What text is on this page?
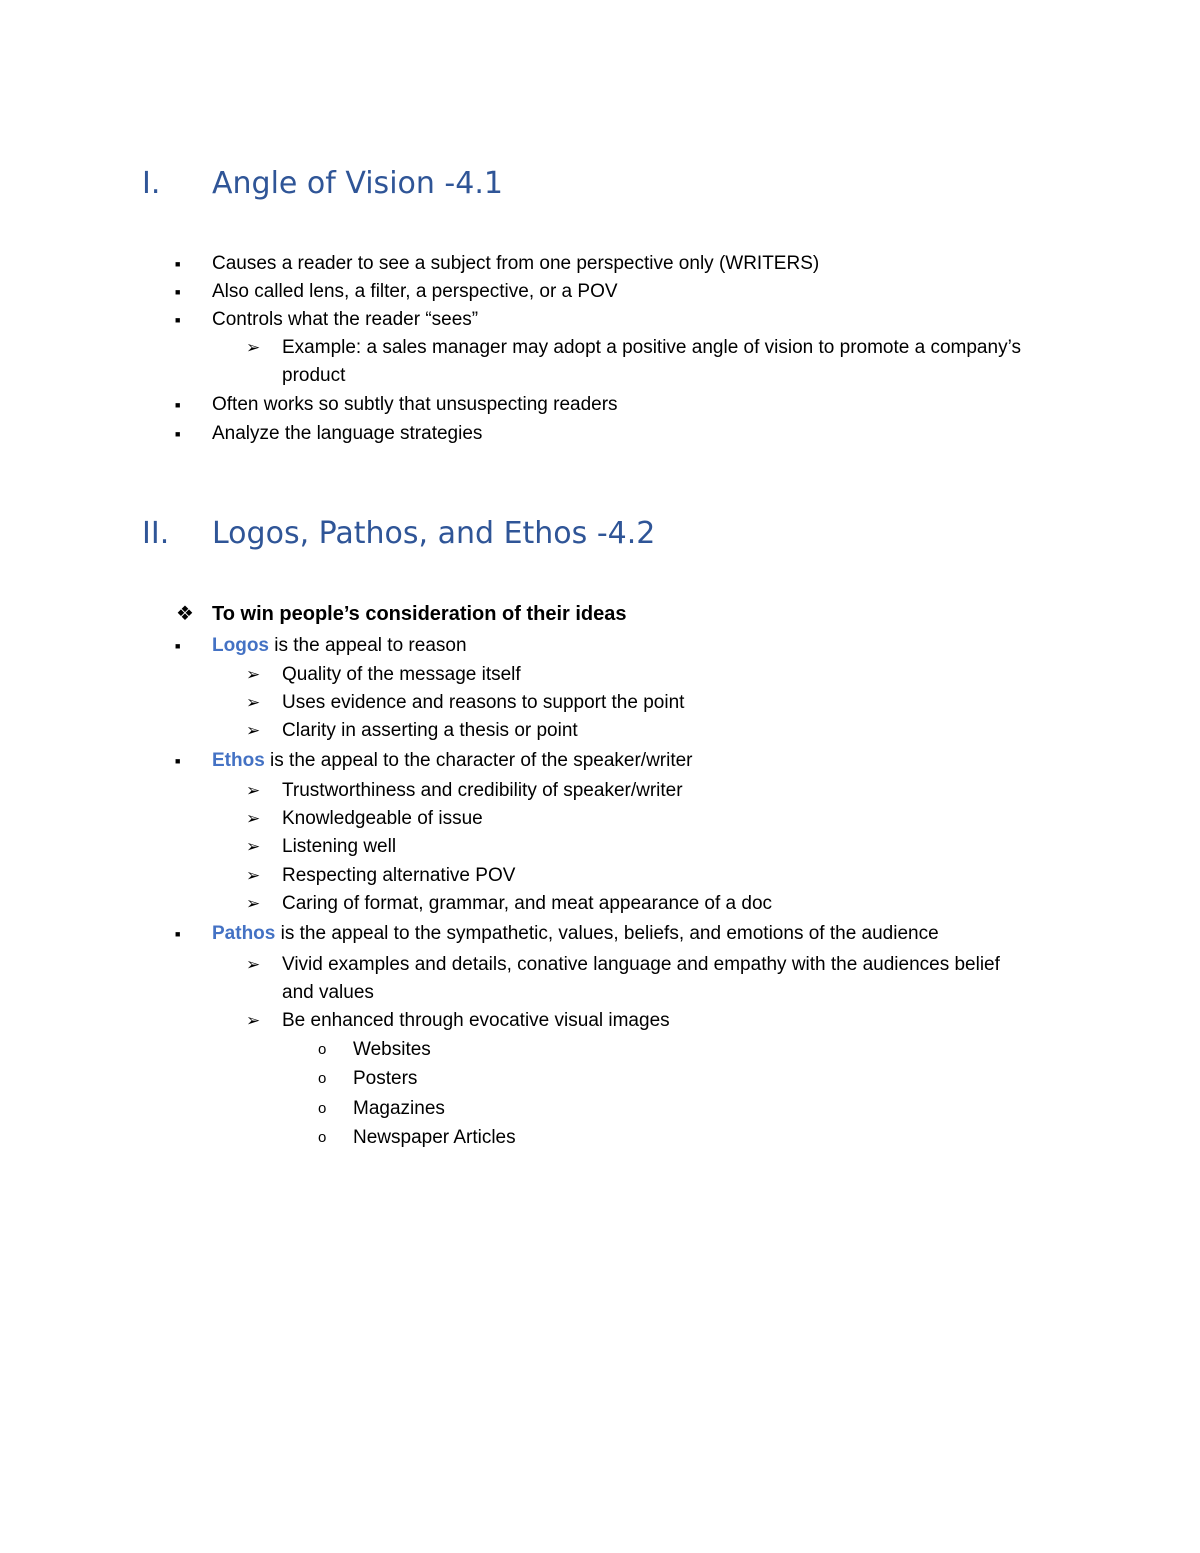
I. Angle of Vision -4.1
■ Causes a reader to see a subject from one perspective only (WRITERS)
■ Also called lens, a filter, a perspective, or a POV
■ Controls what the reader “sees”
➢ Example: a sales manager may adopt a positive angle of vision to promote a company’s
product
■ Often works so subtly that unsuspecting readers
■ Analyze the language strategies
II. Logos, Pathos, and Ethos -4.2
❖ To win people’s consideration of their ideas
■ Logos is the appeal to reason
➢ Quality of the message itself
➢ Uses evidence and reasons to support the point
➢ Clarity in asserting a thesis or point
■ Ethos is the appeal to the character of the speaker/writer
➢ Trustworthiness and credibility of speaker/writer
➢ Knowledgeable of issue
➢ Listening well
➢ Respecting alternative POV
➢ Caring of format, grammar, and meat appearance of a doc
■ Pathos is the appeal to the sympathetic, values, beliefs, and emotions of the audience
➢ Vivid examples and details, conative language and empathy with the audiences belief
and values
➢ Be enhanced through evocative visual images
o Websites
o Posters
o Magazines
o Newspaper Articles
